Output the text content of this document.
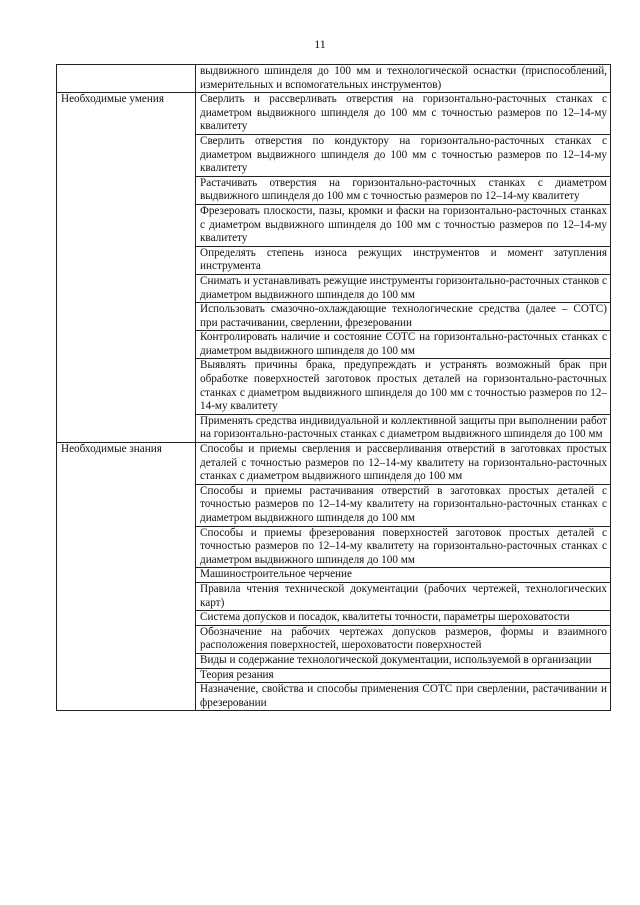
11
	выдвижного шпинделя до 100 мм и технологической оснастки (приспособлений, измерительных и вспомогательных инструментов)
Необходимые умения	Сверлить и рассверливать отверстия на горизонтально-расточных станках с диаметром выдвижного шпинделя до 100 мм с точностью размеров по 12–14-му квалитету
	Сверлить отверстия по кондуктору на горизонтально-расточных станках с диаметром выдвижного шпинделя до 100 мм с точностью размеров по 12–14-му квалитету
	Растачивать отверстия на горизонтально-расточных станках с диаметром выдвижного шпинделя до 100 мм с точностью размеров по 12–14-му квалитету
	Фрезеровать плоскости, пазы, кромки и фаски на горизонтально-расточных станках с диаметром выдвижного шпинделя до 100 мм с точностью размеров по 12–14-му квалитету
	Определять степень износа режущих инструментов и момент затупления инструмента
	Снимать и устанавливать режущие инструменты горизонтально-расточных станков с диаметром выдвижного шпинделя до 100 мм
	Использовать смазочно-охлаждающие технологические средства (далее – СОТС) при растачивании, сверлении, фрезеровании
	Контролировать наличие и состояние СОТС на горизонтально-расточных станках с диаметром выдвижного шпинделя до 100 мм
	Выявлять причины брака, предупреждать и устранять возможный брак при обработке поверхностей заготовок простых деталей на горизонтально-расточных станках с диаметром выдвижного шпинделя до 100 мм с точностью размеров по 12–14-му квалитету
	Применять средства индивидуальной и коллективной защиты при выполнении работ на горизонтально-расточных станках с диаметром выдвижного шпинделя до 100 мм
Необходимые знания	Способы и приемы сверления и рассверливания отверстий в заготовках простых деталей с точностью размеров по 12–14-му квалитету на горизонтально-расточных станках с диаметром выдвижного шпинделя до 100 мм
	Способы и приемы растачивания отверстий в заготовках простых деталей с точностью размеров по 12–14-му квалитету на горизонтально-расточных станках с диаметром выдвижного шпинделя до 100 мм
	Способы и приемы фрезерования поверхностей заготовок простых деталей с точностью размеров по 12–14-му квалитету на горизонтально-расточных станках с диаметром выдвижного шпинделя до 100 мм
	Машиностроительное черчение
	Правила чтения технической документации (рабочих чертежей, технологических карт)
	Система допусков и посадок, квалитеты точности, параметры шероховатости
	Обозначение на рабочих чертежах допусков размеров, формы и взаимного расположения поверхностей, шероховатости поверхностей
	Виды и содержание технологической документации, используемой в организации
	Теория резания
	Назначение, свойства и способы применения СОТС при сверлении, растачивании и фрезеровании
